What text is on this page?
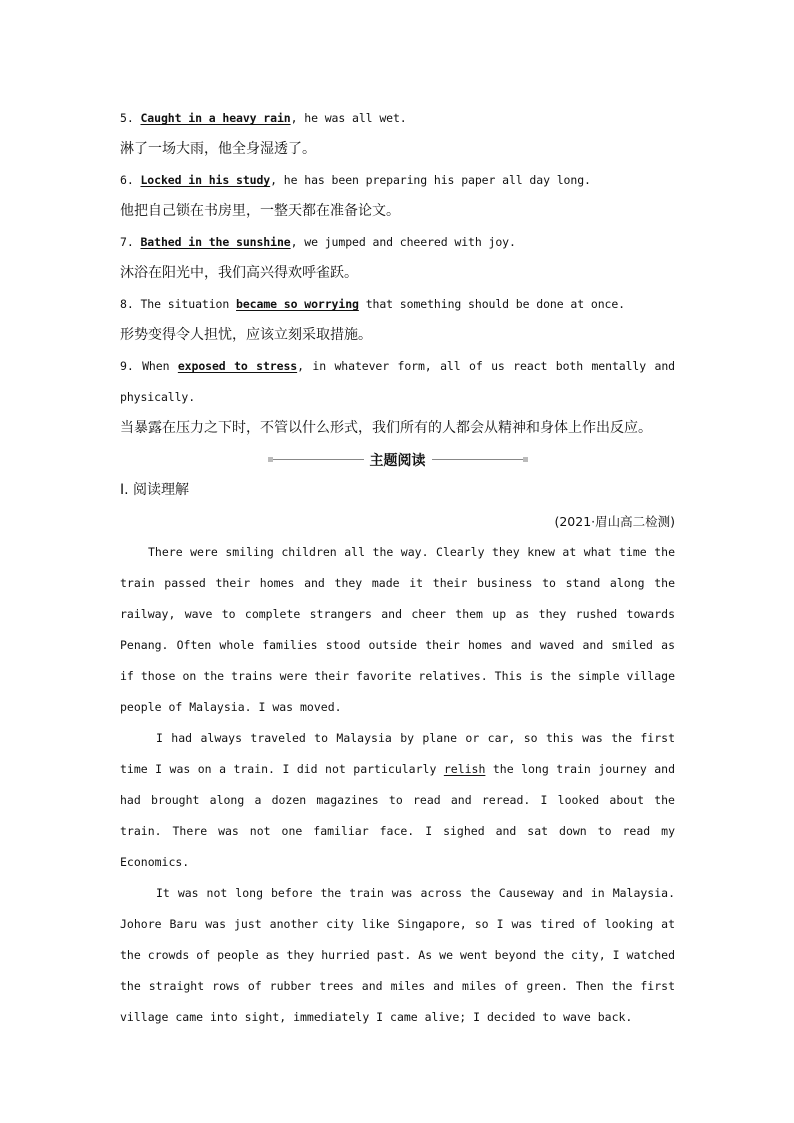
5. Caught in a heavy rain, he was all wet.
淋了一场大雨，他全身湿透了。
6. Locked in his study, he has been preparing his paper all day long.
他把自己锁在书房里，一整天都在准备论文。
7. Bathed in the sunshine, we jumped and cheered with joy.
沐浴在阳光中，我们高兴得欢呼雀跃。
8. The situation became so worrying that something should be done at once.
形势变得令人担忧，应该立刻采取措施。
9. When exposed to stress, in whatever form, all of us react both mentally and physically.
当暴露在压力之下时，不管以什么形式，我们所有的人都会从精神和身体上作出反应。
主题阅读
Ⅰ. 阅读理解
(2021·眉山高二检测)

There were smiling children all the way. Clearly they knew at what time the train passed their homes and they made it their business to stand along the railway, wave to complete strangers and cheer them up as they rushed towards Penang. Often whole families stood outside their homes and waved and smiled as if those on the trains were their favorite relatives. This is the simple village people of Malaysia. I was moved.

I had always traveled to Malaysia by plane or car, so this was the first time I was on a train. I did not particularly relish the long train journey and had brought along a dozen magazines to read and reread. I looked about the train. There was not one familiar face. I sighed and sat down to read my Economics.

It was not long before the train was across the Causeway and in Malaysia. Johore Baru was just another city like Singapore, so I was tired of looking at the crowds of people as they hurried past. As we went beyond the city, I watched the straight rows of rubber trees and miles and miles of green. Then the first village came into sight, immediately I came alive; I decided to wave back.
